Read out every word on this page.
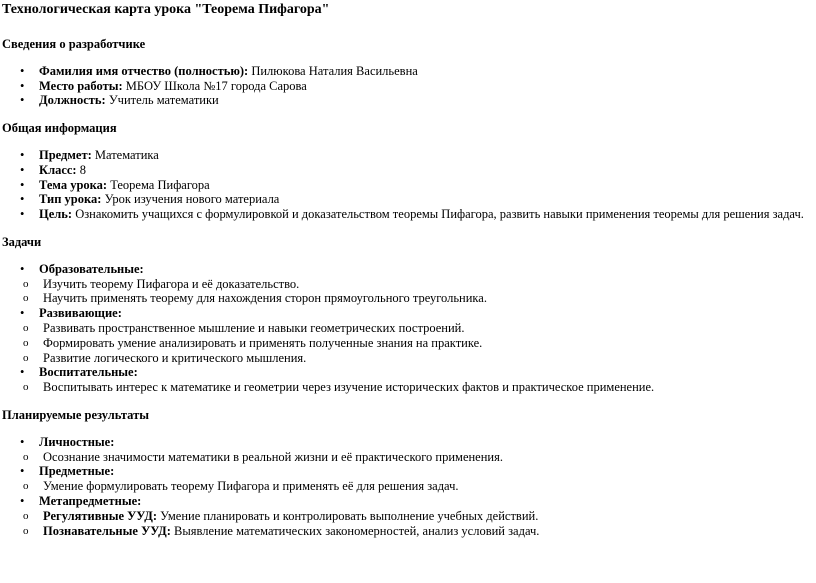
Технологическая карта урока "Теорема Пифагора"
Сведения о разработчике
•	Фамилия имя отчество (полностью): Пилюкова Наталия Васильевна
•	Место работы: МБОУ Школа №17 города Сарова
•	Должность: Учитель математики
Общая информация
•	Предмет: Математика
•	Класс: 8
•	Тема урока: Теорема Пифагора
•	Тип урока: Урок изучения нового материала
•	Цель: Ознакомить учащихся с формулировкой и доказательством теоремы Пифагора, развить навыки применения теоремы для решения задач.
Задачи
•	Образовательные:
o Изучить теорему Пифагора и её доказательство.
o Научить применять теорему для нахождения сторон прямоугольного треугольника.
•	Развивающие:
o Развивать пространственное мышление и навыки геометрических построений.
o Формировать умение анализировать и применять полученные знания на практике.
o Развитие логического и критического мышления.
•	Воспитательные:
o Воспитывать интерес к математике и геометрии через изучение исторических фактов и практическое применение.
Планируемые результаты
•	Личностные:
o Осознание значимости математики в реальной жизни и её практического применения.
•	Предметные:
o Умение формулировать теорему Пифагора и применять её для решения задач.
•	Метапредметные:
o Регулятивные УУД: Умение планировать и контролировать выполнение учебных действий.
o Познавательные УУД: Выявление математических закономерностей, анализ условий задач.
